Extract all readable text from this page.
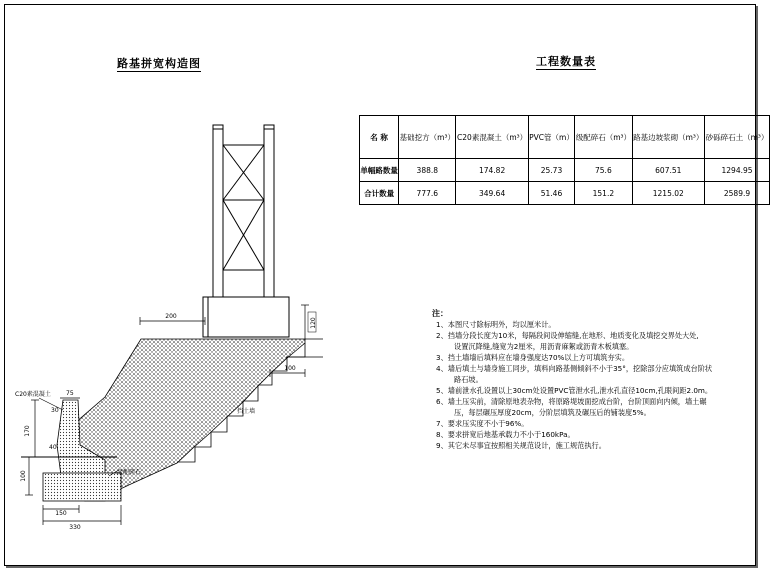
路基拼宽构造图	工程数量表
200
120
100
挡土墙
C20素混凝土	75
30
170
40
100	级配碎石
150
330
名 称	基础挖方（m³）	C20素混凝土（m³）	PVC管（m）	级配碎石（m³）	路基边坡浆砌（m³）	砂砾碎石土（m³）
单幅路数量	388.8	174.82	25.73	75.6	607.51	1294.95
合计数量	777.6	349.64	51.46	151.2	1215.02	2589.9
注：
1、本图尺寸除标明外，均以厘米计。
2、挡墙分段长度为10米，每隔段间设伸缩缝,在地形、地质变化及填挖交界处大处,
设置沉降缝,缝宽为2厘米，用沥青麻絮或沥青木板填塞。
3、挡土墙墙后填料应在墙身强度达70%以上方可填筑夯实。
4、墙后填土与墙身施工同步，填料向路基侧倾斜不小于35°，挖除部分应填筑成台阶状
路石坡。
5、墙前泄水孔设置以上30cm处设置PVC管泄水孔,泄水孔直径10cm,孔眼间距2.0m。
6、墙土压实前，清除原地表杂物，将原路堤坡面挖成台阶，台阶顶面向内倾，墙土碾
压，每层碾压厚度20cm，分阶层填筑及碾压后的铺装度5%。
7、要求压实度不小于96%。
8、要求拼宽后地基承载力不小于160kPa。
9、其它未尽事宜按照相关规范设计，施工规范执行。
